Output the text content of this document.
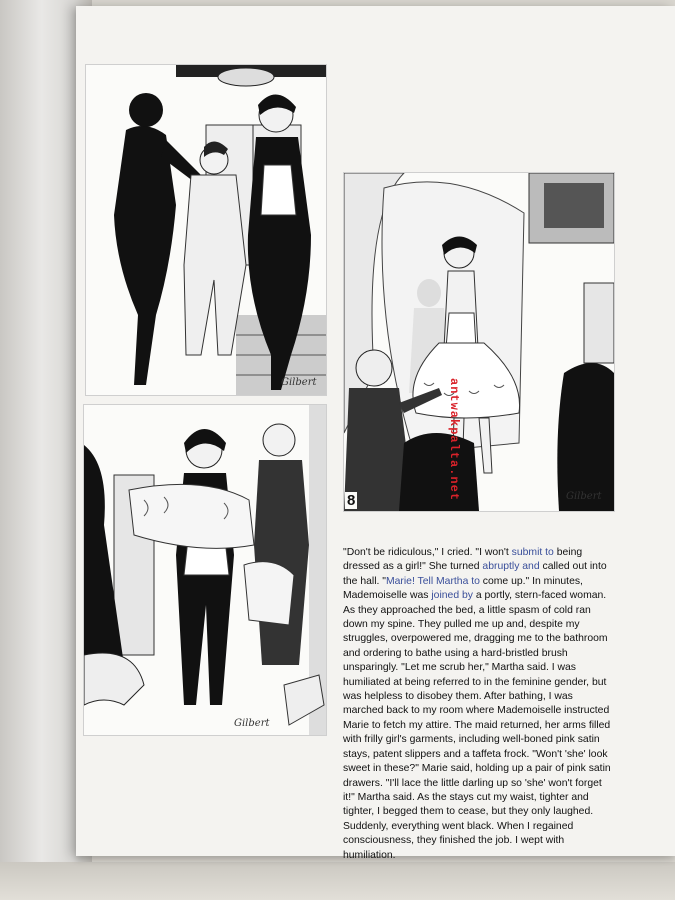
Gilbert
Gilbert
Gilbert
8	antwakpalta.net

"Don't be ridiculous," I cried. "I won't submit to being dressed as a girl!" She turned abruptly and called out into the hall. "Marie! Tell Martha to come up." In minutes, Mademoiselle was joined by a portly, stern-faced woman. As they approached the bed, a little spasm of cold ran down my spine. They pulled me up and, despite my struggles, overpowered me, dragging me to the bathroom and ordering to bathe using a hard-bristled brush unsparingly. "Let me scrub her," Martha said. I was humiliated at being referred to in the feminine gender, but was helpless to disobey them. After bathing, I was marched back to my room where Mademoiselle instructed Marie to fetch my attire. The maid returned, her arms filled with frilly girl's garments, including well-boned pink satin stays, patent slippers and a taffeta frock. "Won't 'she' look sweet in these?" Marie said, holding up a pair of pink satin drawers. "I'll lace the little darling up so 'she' won't forget it!" Martha said. As the stays cut my waist, tighter and tighter, I begged them to cease, but they only laughed. Suddenly, everything went black. When I regained consciousness, they finished the job. I wept with humiliation.
